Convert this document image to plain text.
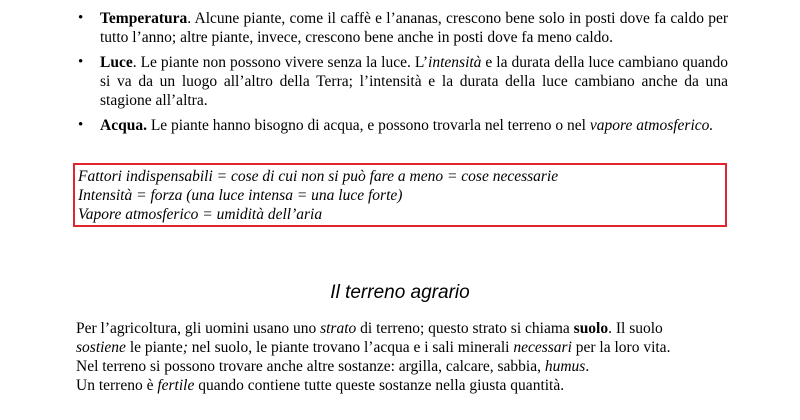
• Temperatura. Alcune piante, come il caffè e l’ananas, crescono bene solo in posti dove fa caldo per tutto l’anno; altre piante, invece, crescono bene anche in posti dove fa meno caldo.
• Luce. Le piante non possono vivere senza la luce. L’intensità e la durata della luce cambiano quando si va da un luogo all’altro della Terra; l’intensità e la durata della luce cambiano anche da una stagione all’altra.
• Acqua. Le piante hanno bisogno di acqua, e possono trovarla nel terreno o nel vapore atmosferico.
Fattori indispensabili = cose di cui non si può fare a meno = cose necessarie
Intensità = forza (una luce intensa = una luce forte)
Vapore atmosferico = umidità dell’aria
Il terreno agrario

Per l’agricoltura, gli uomini usano uno strato di terreno; questo strato si chiama suolo. Il suolo

sostiene le piante; nel suolo, le piante trovano l’acqua e i sali minerali necessari per la loro vita.

Nel terreno si possono trovare anche altre sostanze: argilla, calcare, sabbia, humus.

Un terreno è fertile quando contiene tutte queste sostanze nella giusta quantità.
